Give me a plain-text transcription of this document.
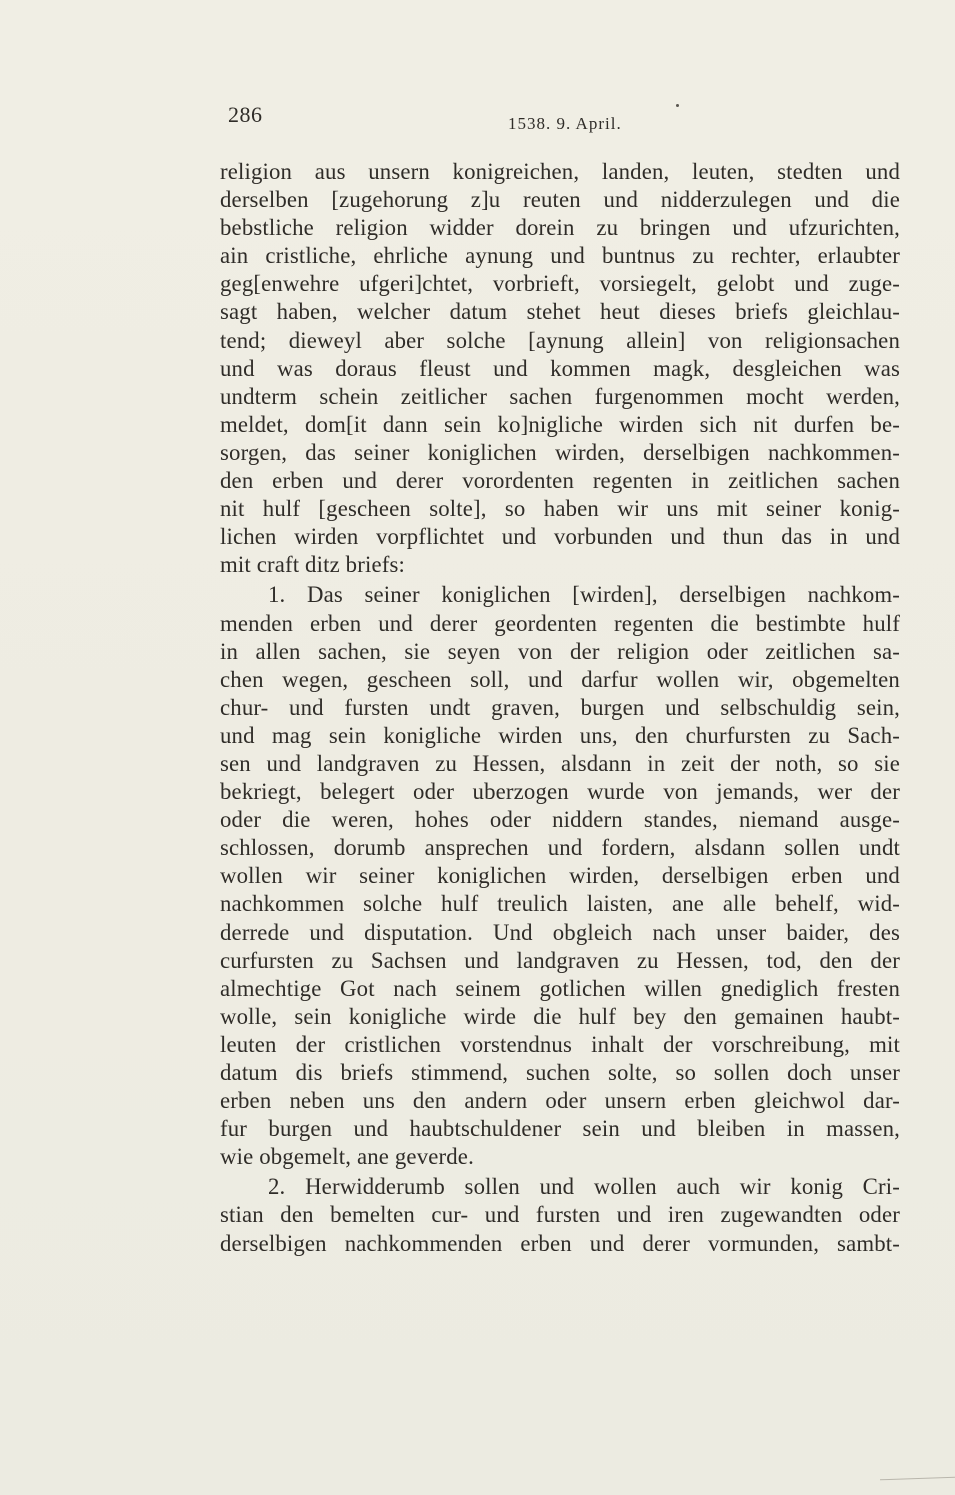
286	1538. 9. April.
religion aus unsern konigreichen, landen, leuten, stedten und
derselben [zugehorung z]u reuten und nidderzulegen und die
bebstliche religion widder dorein zu bringen und ufzurichten,
ain cristliche, ehrliche aynung und buntnus zu rechter, erlaubter
geg[enwehre ufgeri]chtet, vorbrieft, vorsiegelt, gelobt und zuge-
sagt haben, welcher datum stehet heut dieses briefs gleichlau-
tend; dieweyl aber solche [aynung allein] von religionsachen
und was doraus fleust und kommen magk, desgleichen was
undterm schein zeitlicher sachen furgenommen mocht werden,
meldet, dom[it dann sein ko]nigliche wirden sich nit durfen be-
sorgen, das seiner koniglichen wirden, derselbigen nachkommen-
den erben und derer vorordenten regenten in zeitlichen sachen
nit hulf [gescheen solte], so haben wir uns mit seiner konig-
lichen wirden vorpflichtet und vorbunden und thun das in und
mit craft ditz briefs:
1. Das seiner koniglichen [wirden], derselbigen nachkom-
menden erben und derer geordenten regenten die bestimbte hulf
in allen sachen, sie seyen von der religion oder zeitlichen sa-
chen wegen, gescheen soll, und darfur wollen wir, obgemelten
chur- und fursten undt graven, burgen und selbschuldig sein,
und mag sein konigliche wirden uns, den churfursten zu Sach-
sen und landgraven zu Hessen, alsdann in zeit der noth, so sie
bekriegt, belegert oder uberzogen wurde von jemands, wer der
oder die weren, hohes oder niddern standes, niemand ausge-
schlossen, dorumb ansprechen und fordern, alsdann sollen undt
wollen wir seiner koniglichen wirden, derselbigen erben und
nachkommen solche hulf treulich laisten, ane alle behelf, wid-
derrede und disputation. Und obgleich nach unser baider, des
curfursten zu Sachsen und landgraven zu Hessen, tod, den der
almechtige Got nach seinem gotlichen willen gnediglich fresten
wolle, sein konigliche wirde die hulf bey den gemainen haubt-
leuten der cristlichen vorstendnus inhalt der vorschreibung, mit
datum dis briefs stimmend, suchen solte, so sollen doch unser
erben neben uns den andern oder unsern erben gleichwol dar-
fur burgen und haubtschuldener sein und bleiben in massen,
wie obgemelt, ane geverde.
2. Herwidderumb sollen und wollen auch wir konig Cri-
stian den bemelten cur- und fursten und iren zugewandten oder
derselbigen nachkommenden erben und derer vormunden, sambt-
